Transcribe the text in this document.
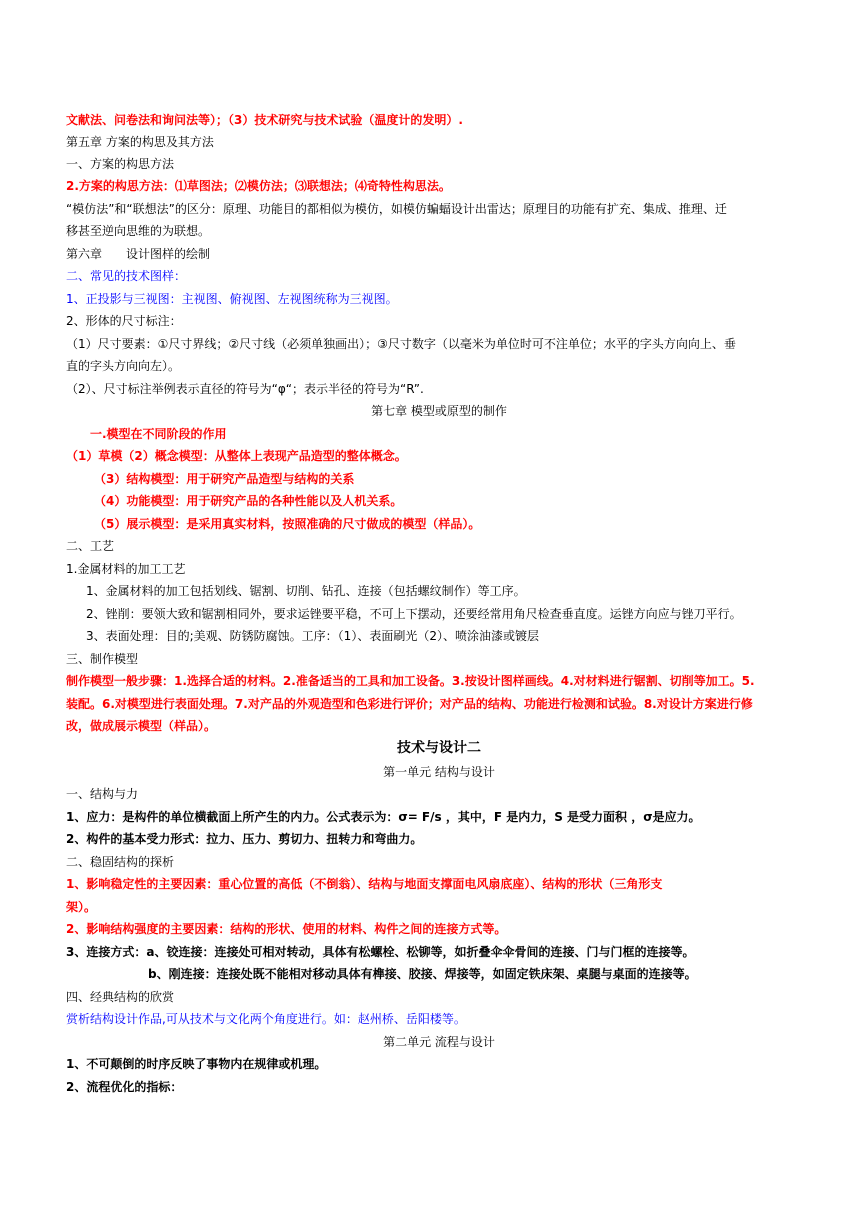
文献法、问卷法和询问法等）；（3）技术研究与技术试验（温度计的发明）.
第五章 方案的构思及其方法
一、方案的构思方法
2.方案的构思方法：⑴草图法；⑵模仿法；⑶联想法；⑷奇特性构思法。
“模仿法”和“联想法”的区分：原理、功能目的都相似为模仿，如模仿蝙蝠设计出雷达；原理目的功能有扩充、集成、推理、迁
移甚至逆向思维的为联想。
第六章　　设计图样的绘制
二、常见的技术图样：
1、正投影与三视图：主视图、俯视图、左视图统称为三视图。
2、形体的尺寸标注：
（1）尺寸要素：①尺寸界线；②尺寸线（必须单独画出）；③尺寸数字（以毫米为单位时可不注单位；水平的字头方向向上、垂
直的字头方向向左）。
（2）、尺寸标注举例表示直径的符号为“φ“；表示半径的符号为“R”.
第七章 模型或原型的制作
一.模型在不同阶段的作用
（1）草模（2）概念模型：从整体上表现产品造型的整体概念。
（3）结构模型：用于研究产品造型与结构的关系
（4）功能模型：用于研究产品的各种性能以及人机关系。
（5）展示模型：是采用真实材料，按照准确的尺寸做成的模型（样品）。
二、工艺
1.金属材料的加工工艺
1、金属材料的加工包括划线、锯割、切削、钻孔、连接（包括螺纹制作）等工序。
2、锉削：要领大致和锯割相同外，要求运锉要平稳，不可上下摆动，还要经常用角尺检查垂直度。运锉方向应与锉刀平行。
3、表面处理：目的;美观、防锈防腐蚀。工序：（1）、表面刷光（2）、喷涂油漆或镀层
三、制作模型
制作模型一般步骤：1.选择合适的材料。2.准备适当的工具和加工设备。3.按设计图样画线。4.对材料进行锯割、切削等加工。5.
装配。6.对模型进行表面处理。7.对产品的外观造型和色彩进行评价；对产品的结构、功能进行检测和试验。8.对设计方案进行修
改，做成展示模型（样品）。
技术与设计二
第一单元 结构与设计
一、结构与力
1、应力：是构件的单位横截面上所产生的内力。公式表示为：σ= F/s ，其中，F 是内力，S 是受力面积 ，σ是应力。
2、构件的基本受力形式：拉力、压力、剪切力、扭转力和弯曲力。
二、稳固结构的探析
1、影响稳定性的主要因素：重心位置的高低（不倒翁）、结构与地面支撑面电风扇底座）、结构的形状（三角形支
架）。
2、影响结构强度的主要因素：结构的形状、使用的材料、构件之间的连接方式等。
3、连接方式：a、铰连接：连接处可相对转动，具体有松螺栓、松铆等，如折叠伞伞骨间的连接、门与门框的连接等。
b、刚连接：连接处既不能相对移动具体有榫接、胶接、焊接等，如固定铁床架、桌腿与桌面的连接等。
四、经典结构的欣赏
赏析结构设计作品,可从技术与文化两个角度进行。如：赵州桥、岳阳楼等。
第二单元 流程与设计
1、不可颠倒的时序反映了事物内在规律或机理。
2、流程优化的指标：
